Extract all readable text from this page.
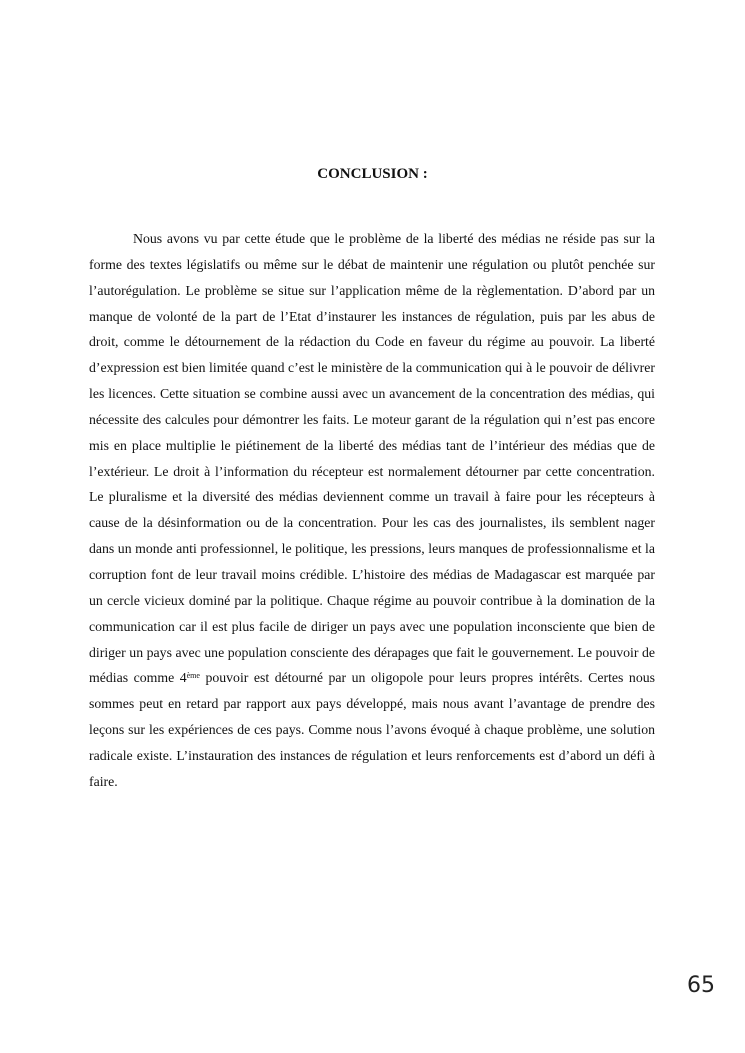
CONCLUSION :

Nous avons vu par cette étude que le problème de la liberté des médias ne réside pas sur la forme des textes législatifs ou même sur le débat de maintenir une régulation ou plutôt penchée sur l’autorégulation. Le problème se situe sur l’application même de la règlementation. D’abord par un manque de volonté de la part de l’Etat d’instaurer les instances de régulation, puis par les abus de droit, comme le détournement de la rédaction du Code en faveur du régime au pouvoir. La liberté d’expression est bien limitée quand c’est le ministère de la communication qui à le pouvoir de délivrer les licences. Cette situation se combine aussi avec un avancement de la concentration des médias, qui nécessite des calcules pour démontrer les faits. Le moteur garant de la régulation qui n’est pas encore mis en place multiplie le piétinement de la liberté des médias tant de l’intérieur des médias que de l’extérieur. Le droit à l’information du récepteur est normalement détourner par cette concentration. Le pluralisme et la diversité des médias deviennent comme un travail à faire pour les récepteurs à cause de la désinformation ou de la concentration. Pour les cas des journalistes, ils semblent nager dans un monde anti professionnel, le politique, les pressions, leurs manques de professionnalisme et la corruption font de leur travail moins crédible. L’histoire des médias de Madagascar est marquée par un cercle vicieux dominé par la politique. Chaque régime au pouvoir contribue à la domination de la communication car il est plus facile de diriger un pays avec une population inconsciente que bien de diriger un pays avec une population consciente des dérapages que fait le gouvernement. Le pouvoir de médias comme 4ème pouvoir est détourné par un oligopole pour leurs propres intérêts. Certes nous sommes peut en retard par rapport aux pays développé, mais nous avant l’avantage de prendre des leçons sur les expériences de ces pays. Comme nous l’avons évoqué à chaque problème, une solution radicale existe. L’instauration des instances de régulation et leurs renforcements est d’abord un défi à faire.

65
